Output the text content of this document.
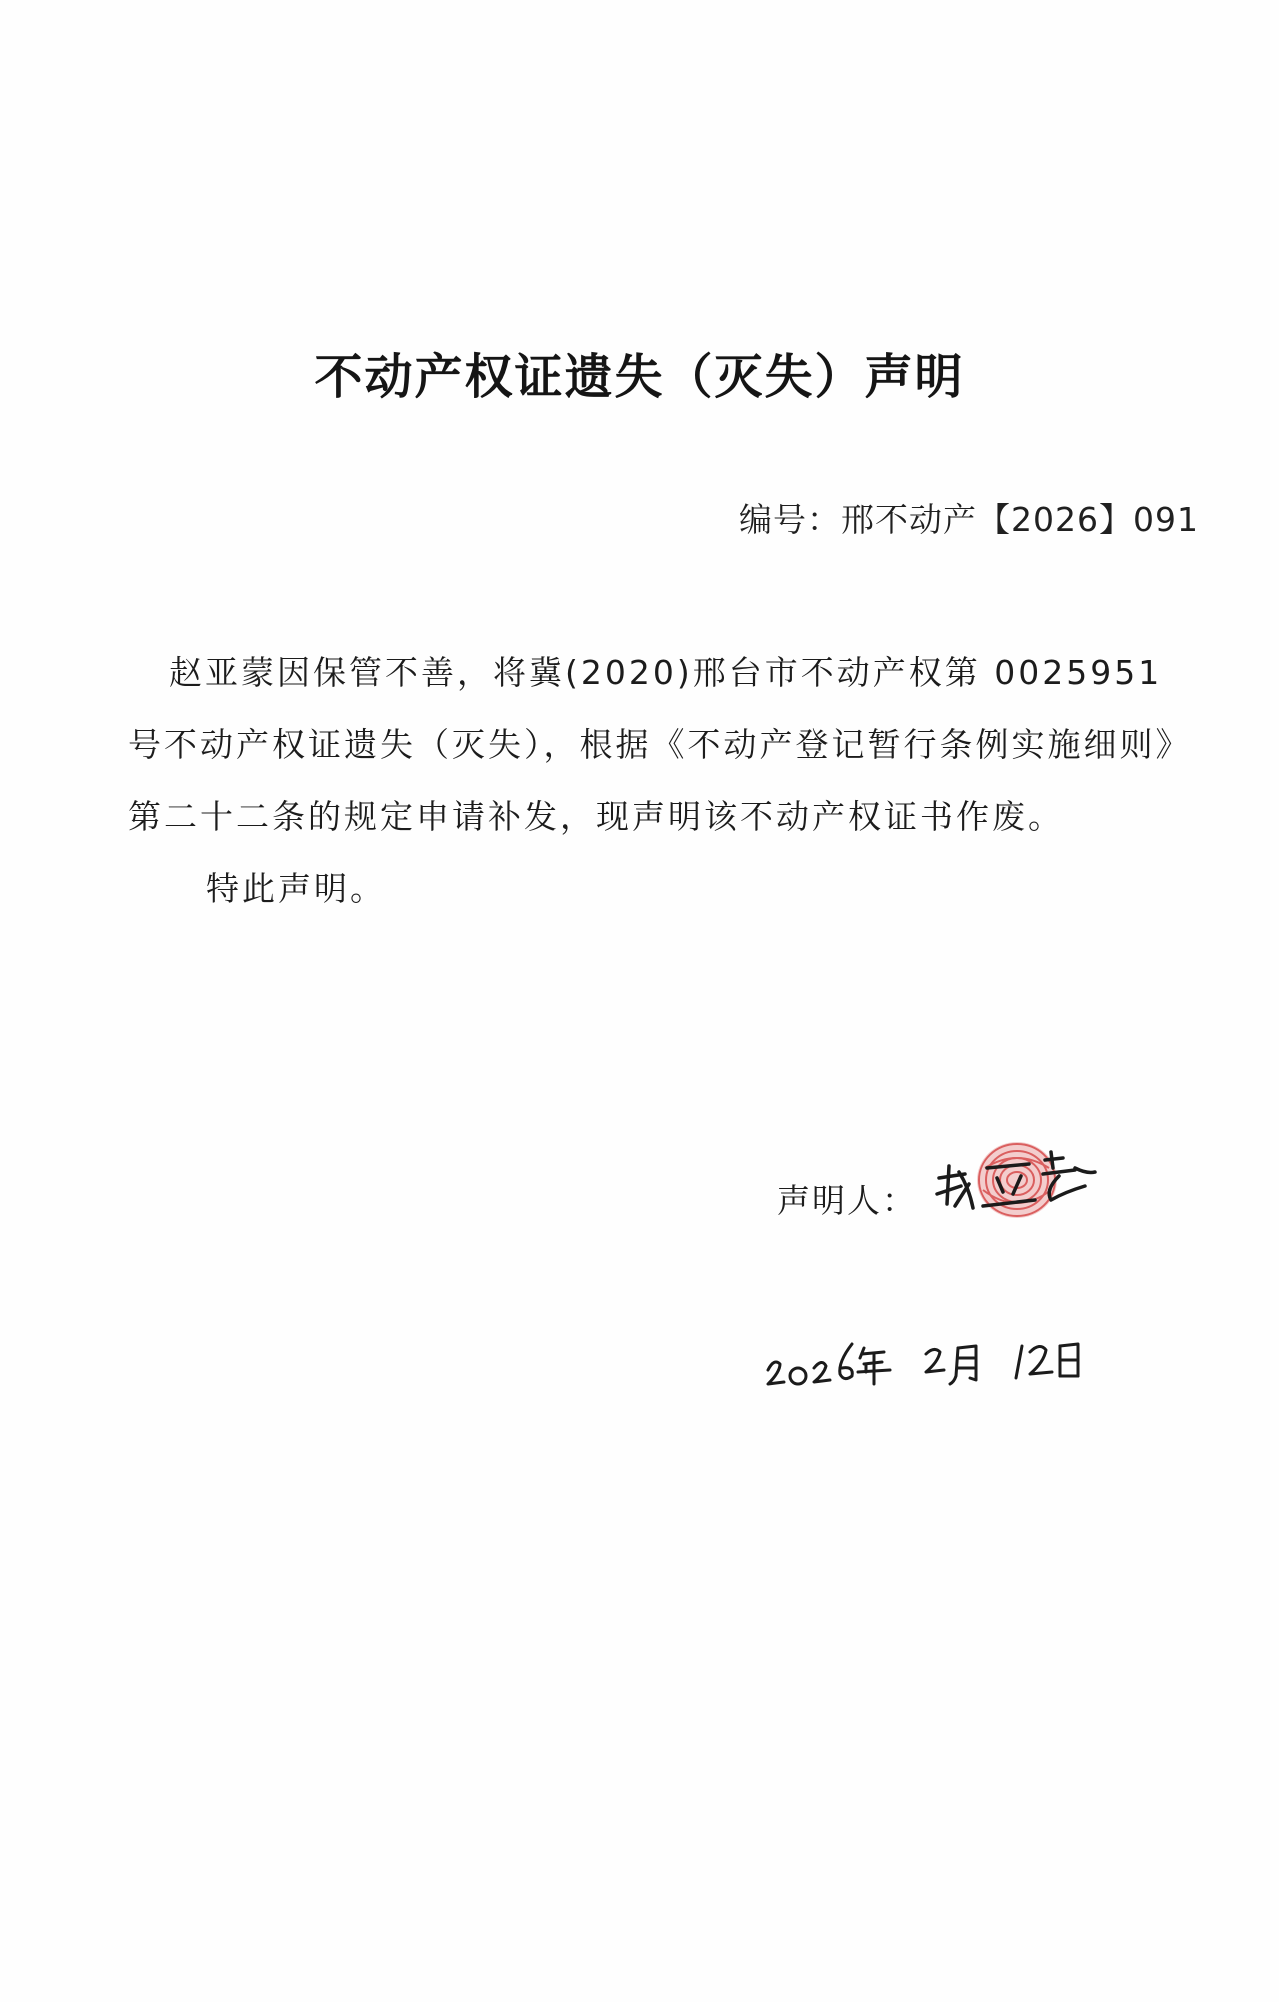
不动产权证遗失（灭失）声明
编号：邢不动产【2026】091

赵亚蒙因保管不善，将冀(2020)邢台市不动产权第 0025951 号不动产权证遗失（灭失），根据《不动产登记暂行条例实施细则》第二十二条的规定申请补发，现声明该不动产权证书作废。

特此声明。

声明人：
